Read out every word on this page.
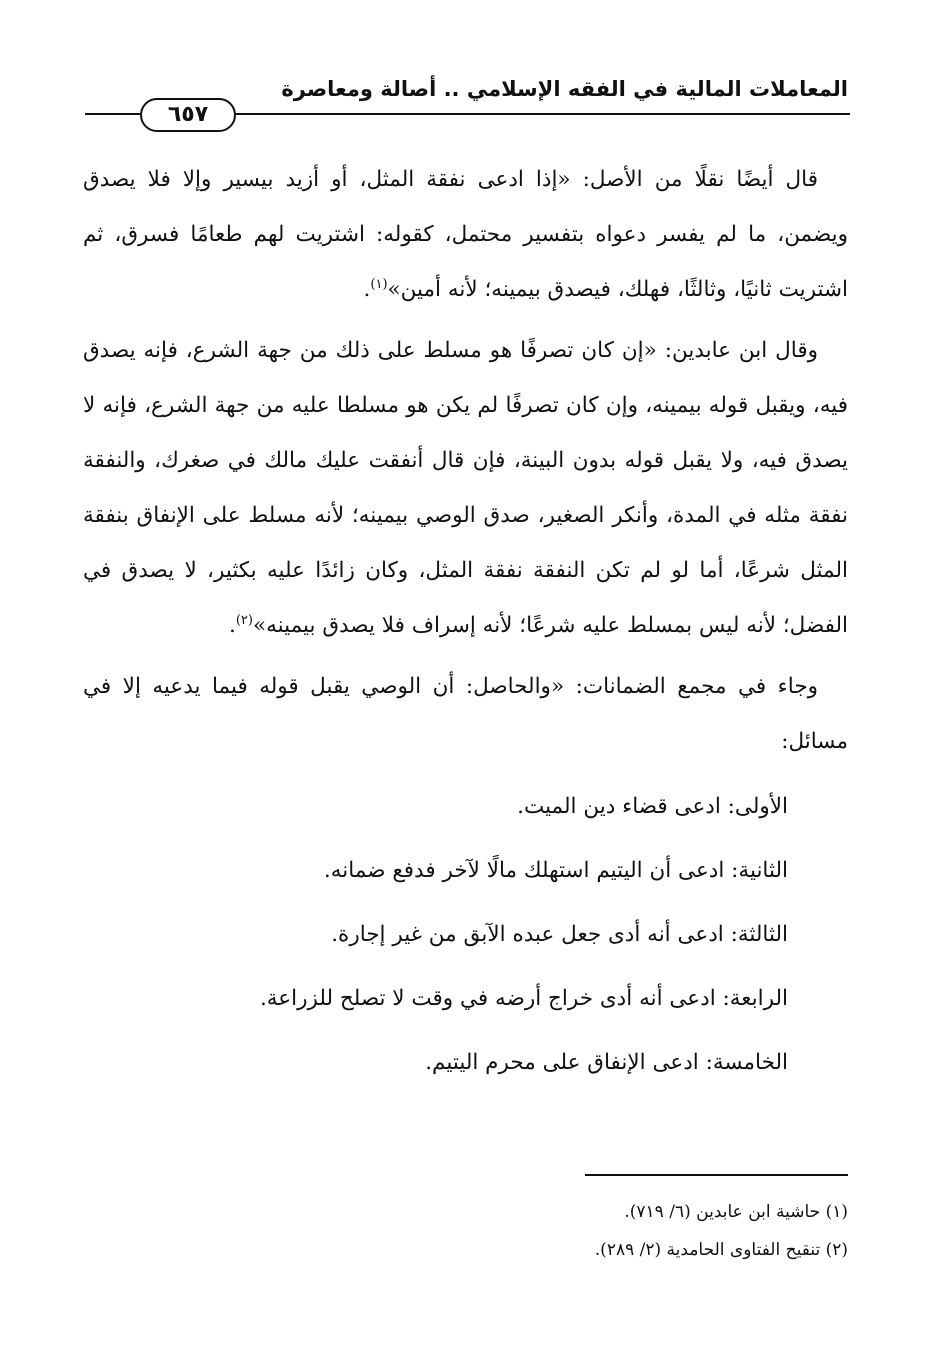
المعاملات المالية في الفقه الإسلامي .. أصالة ومعاصرة
٦٥٧

قال أيضًا نقلًا من الأصل: «إذا ادعى نفقة المثل، أو أزيد بيسير وإلا فلا يصدق ويضمن، ما لم يفسر دعواه بتفسير محتمل، كقوله: اشتريت لهم طعامًا فسرق، ثم اشتريت ثانيًا، وثالثًا، فهلك، فيصدق بيمينه؛ لأنه أمين»$^{(١)}$.

وقال ابن عابدين: «إن كان تصرفًا هو مسلط على ذلك من جهة الشرع، فإنه يصدق فيه، ويقبل قوله بيمينه، وإن كان تصرفًا لم يكن هو مسلطا عليه من جهة الشرع، فإنه لا يصدق فيه، ولا يقبل قوله بدون البينة، فإن قال أنفقت عليك مالك في صغرك، والنفقة نفقة مثله في المدة، وأنكر الصغير، صدق الوصي بيمينه؛ لأنه مسلط على الإنفاق بنفقة المثل شرعًا، أما لو لم تكن النفقة نفقة المثل، وكان زائدًا عليه بكثير، لا يصدق في الفضل؛ لأنه ليس بمسلط عليه شرعًا؛ لأنه إسراف فلا يصدق بيمينه»$^{(٢)}$.

وجاء في مجمع الضمانات: «والحاصل: أن الوصي يقبل قوله فيما يدعيه إلا في مسائل:

الأولى: ادعى قضاء دين الميت.
الثانية: ادعى أن اليتيم استهلك مالًا لآخر فدفع ضمانه.
الثالثة: ادعى أنه أدى جعل عبده الآبق من غير إجارة.
الرابعة: ادعى أنه أدى خراج أرضه في وقت لا تصلح للزراعة.
الخامسة: ادعى الإنفاق على محرم اليتيم.
(١) حاشية ابن عابدين (٦/ ٧١٩).
(٢) تنقيح الفتاوى الحامدية (٢/ ٢٨٩).
